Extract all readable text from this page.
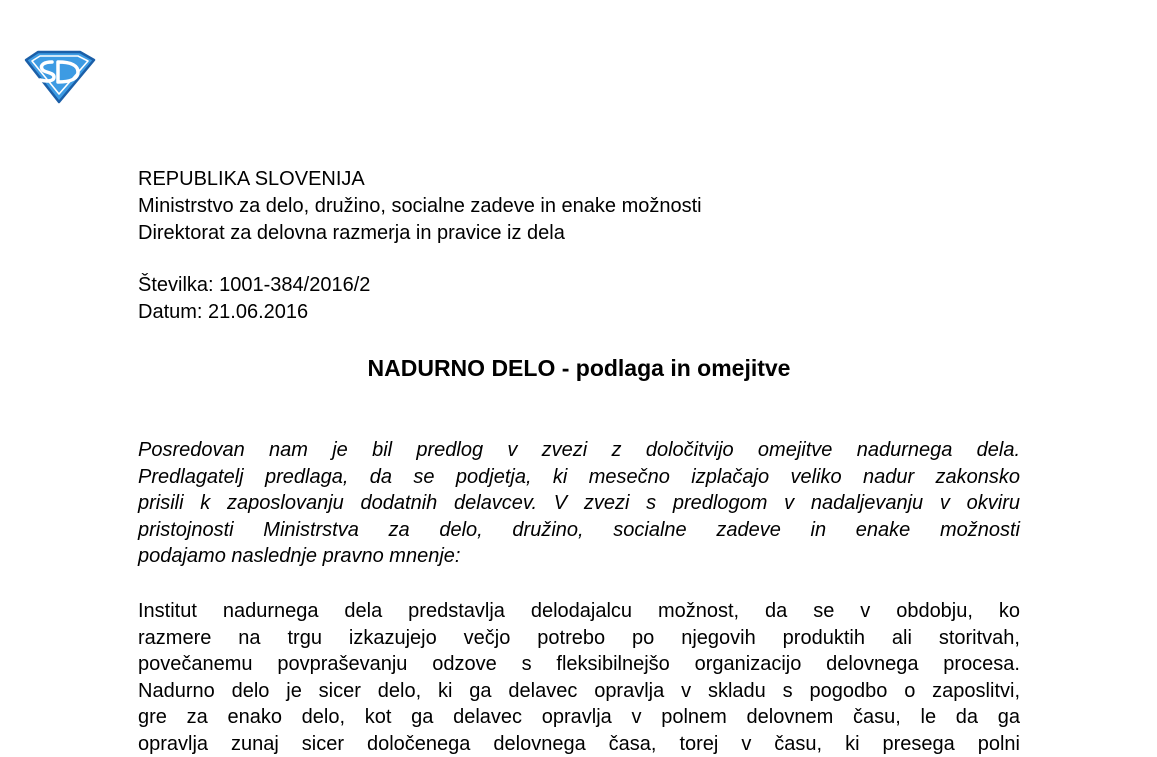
REPUBLIKA SLOVENIJA
Ministrstvo za delo, družino, socialne zadeve in enake možnosti
Direktorat za delovna razmerja in pravice iz dela
Številka: 1001-384/2016/2
Datum: 21.06.2016
NADURNO DELO - podlaga in omejitve
Posredovan nam je bil predlog v zvezi z določitvijo omejitve nadurnega dela.
Predlagatelj predlaga, da se podjetja, ki mesečno izplačajo veliko nadur zakonsko
prisili k zaposlovanju dodatnih delavcev. V zvezi s predlogom v nadaljevanju v okviru
pristojnosti Ministrstva za delo, družino, socialne zadeve in enake možnosti
podajamo naslednje pravno mnenje:
Institut nadurnega dela predstavlja delodajalcu možnost, da se v obdobju, ko
razmere na trgu izkazujejo večjo potrebo po njegovih produktih ali storitvah,
povečanemu povpraševanju odzove s fleksibilnejšo organizacijo delovnega procesa.
Nadurno delo je sicer delo, ki ga delavec opravlja v skladu s pogodbo o zaposlitvi,
gre za enako delo, kot ga delavec opravlja v polnem delovnem času, le da ga
opravlja zunaj sicer določenega delovnega časa, torej v času, ki presega polni
